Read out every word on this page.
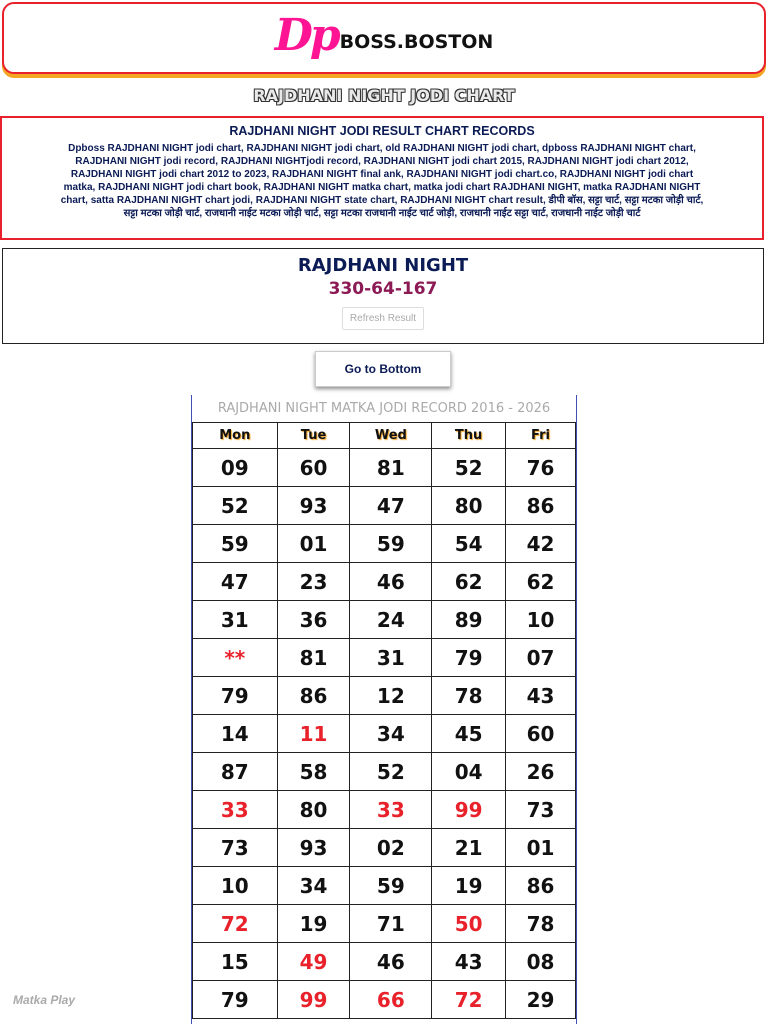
Dp BOSS.BOSTON
RAJDHANI NIGHT JODI CHART
RAJDHANI NIGHT JODI RESULT CHART RECORDS

Dpboss RAJDHANI NIGHT jodi chart, RAJDHANI NIGHT jodi chart, old RAJDHANI NIGHT jodi chart, dpboss RAJDHANI NIGHT chart, RAJDHANI NIGHT jodi record, RAJDHANI NIGHTjodi record, RAJDHANI NIGHT jodi chart 2015, RAJDHANI NIGHT jodi chart 2012, RAJDHANI NIGHT jodi chart 2012 to 2023, RAJDHANI NIGHT final ank, RAJDHANI NIGHT jodi chart.co, RAJDHANI NIGHT jodi chart matka, RAJDHANI NIGHT jodi chart book, RAJDHANI NIGHT matka chart, matka jodi chart RAJDHANI NIGHT, matka RAJDHANI NIGHT chart, satta RAJDHANI NIGHT chart jodi, RAJDHANI NIGHT state chart, RAJDHANI NIGHT chart result, डीपी बॉस, सट्टा चार्ट, सट्टा मटका जोड़ी चार्ट, सट्टा मटका जोड़ी चार्ट, राजधानी नाईट मटका जोड़ी चार्ट, सट्टा मटका राजधानी नाईट चार्ट जोड़ी, राजधानी नाईट सट्टा चार्ट, राजधानी नाईट जोड़ी चार्ट

RAJDHANI NIGHT
330-64-167
Refresh Result
Go to Bottom
RAJDHANI NIGHT MATKA JODI RECORD 2016 - 2026
Mon	Tue	Wed	Thu	Fri
09	60	81	52	76
52	93	47	80	86
59	01	59	54	42
47	23	46	62	62
31	36	24	89	10
**	81	31	79	07
79	86	12	78	43
14	11	34	45	60
87	58	52	04	26
33	80	33	99	73
73	93	02	21	01
10	34	59	19	86
72	19	71	50	78
15	49	46	43	08
79	99	66	72	29
Matka Play
